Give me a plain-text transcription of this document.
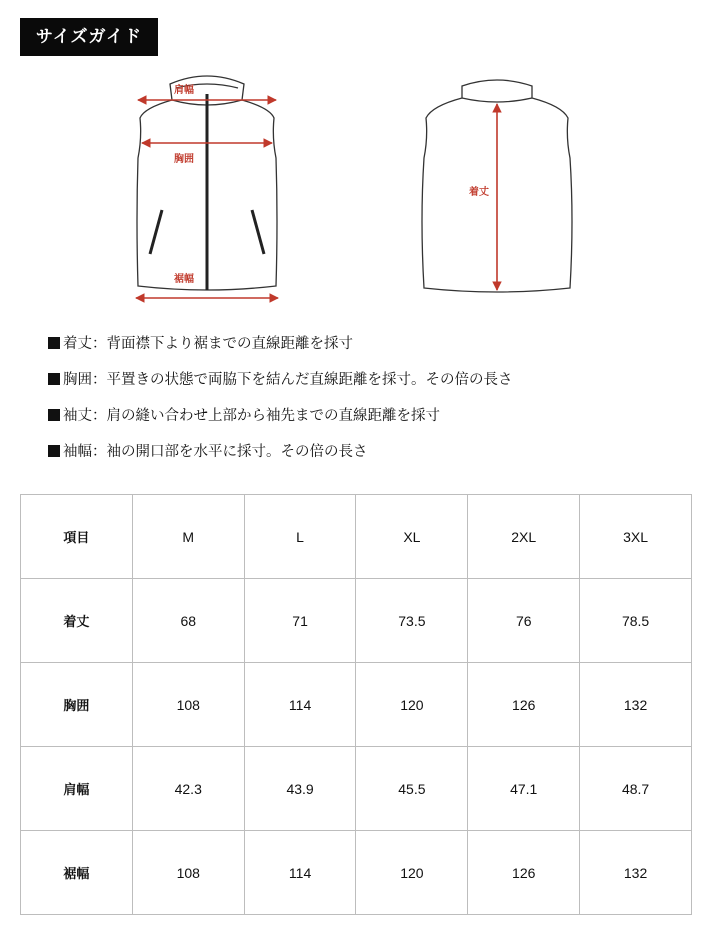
サイズガイド
肩幅
胸囲
裾幅
着丈
着丈：背面襟下より裾までの直線距離を採寸
胸囲：平置きの状態で両脇下を結んだ直線距離を採寸。その倍の長さ
袖丈：肩の縫い合わせ上部から袖先までの直線距離を採寸
袖幅：袖の開口部を水平に採寸。その倍の長さ
項目	M	L	XL	2XL	3XL
着丈	68	71	73.5	76	78.5
胸囲	108	114	120	126	132
肩幅	42.3	43.9	45.5	47.1	48.7
裾幅	108	114	120	126	132
